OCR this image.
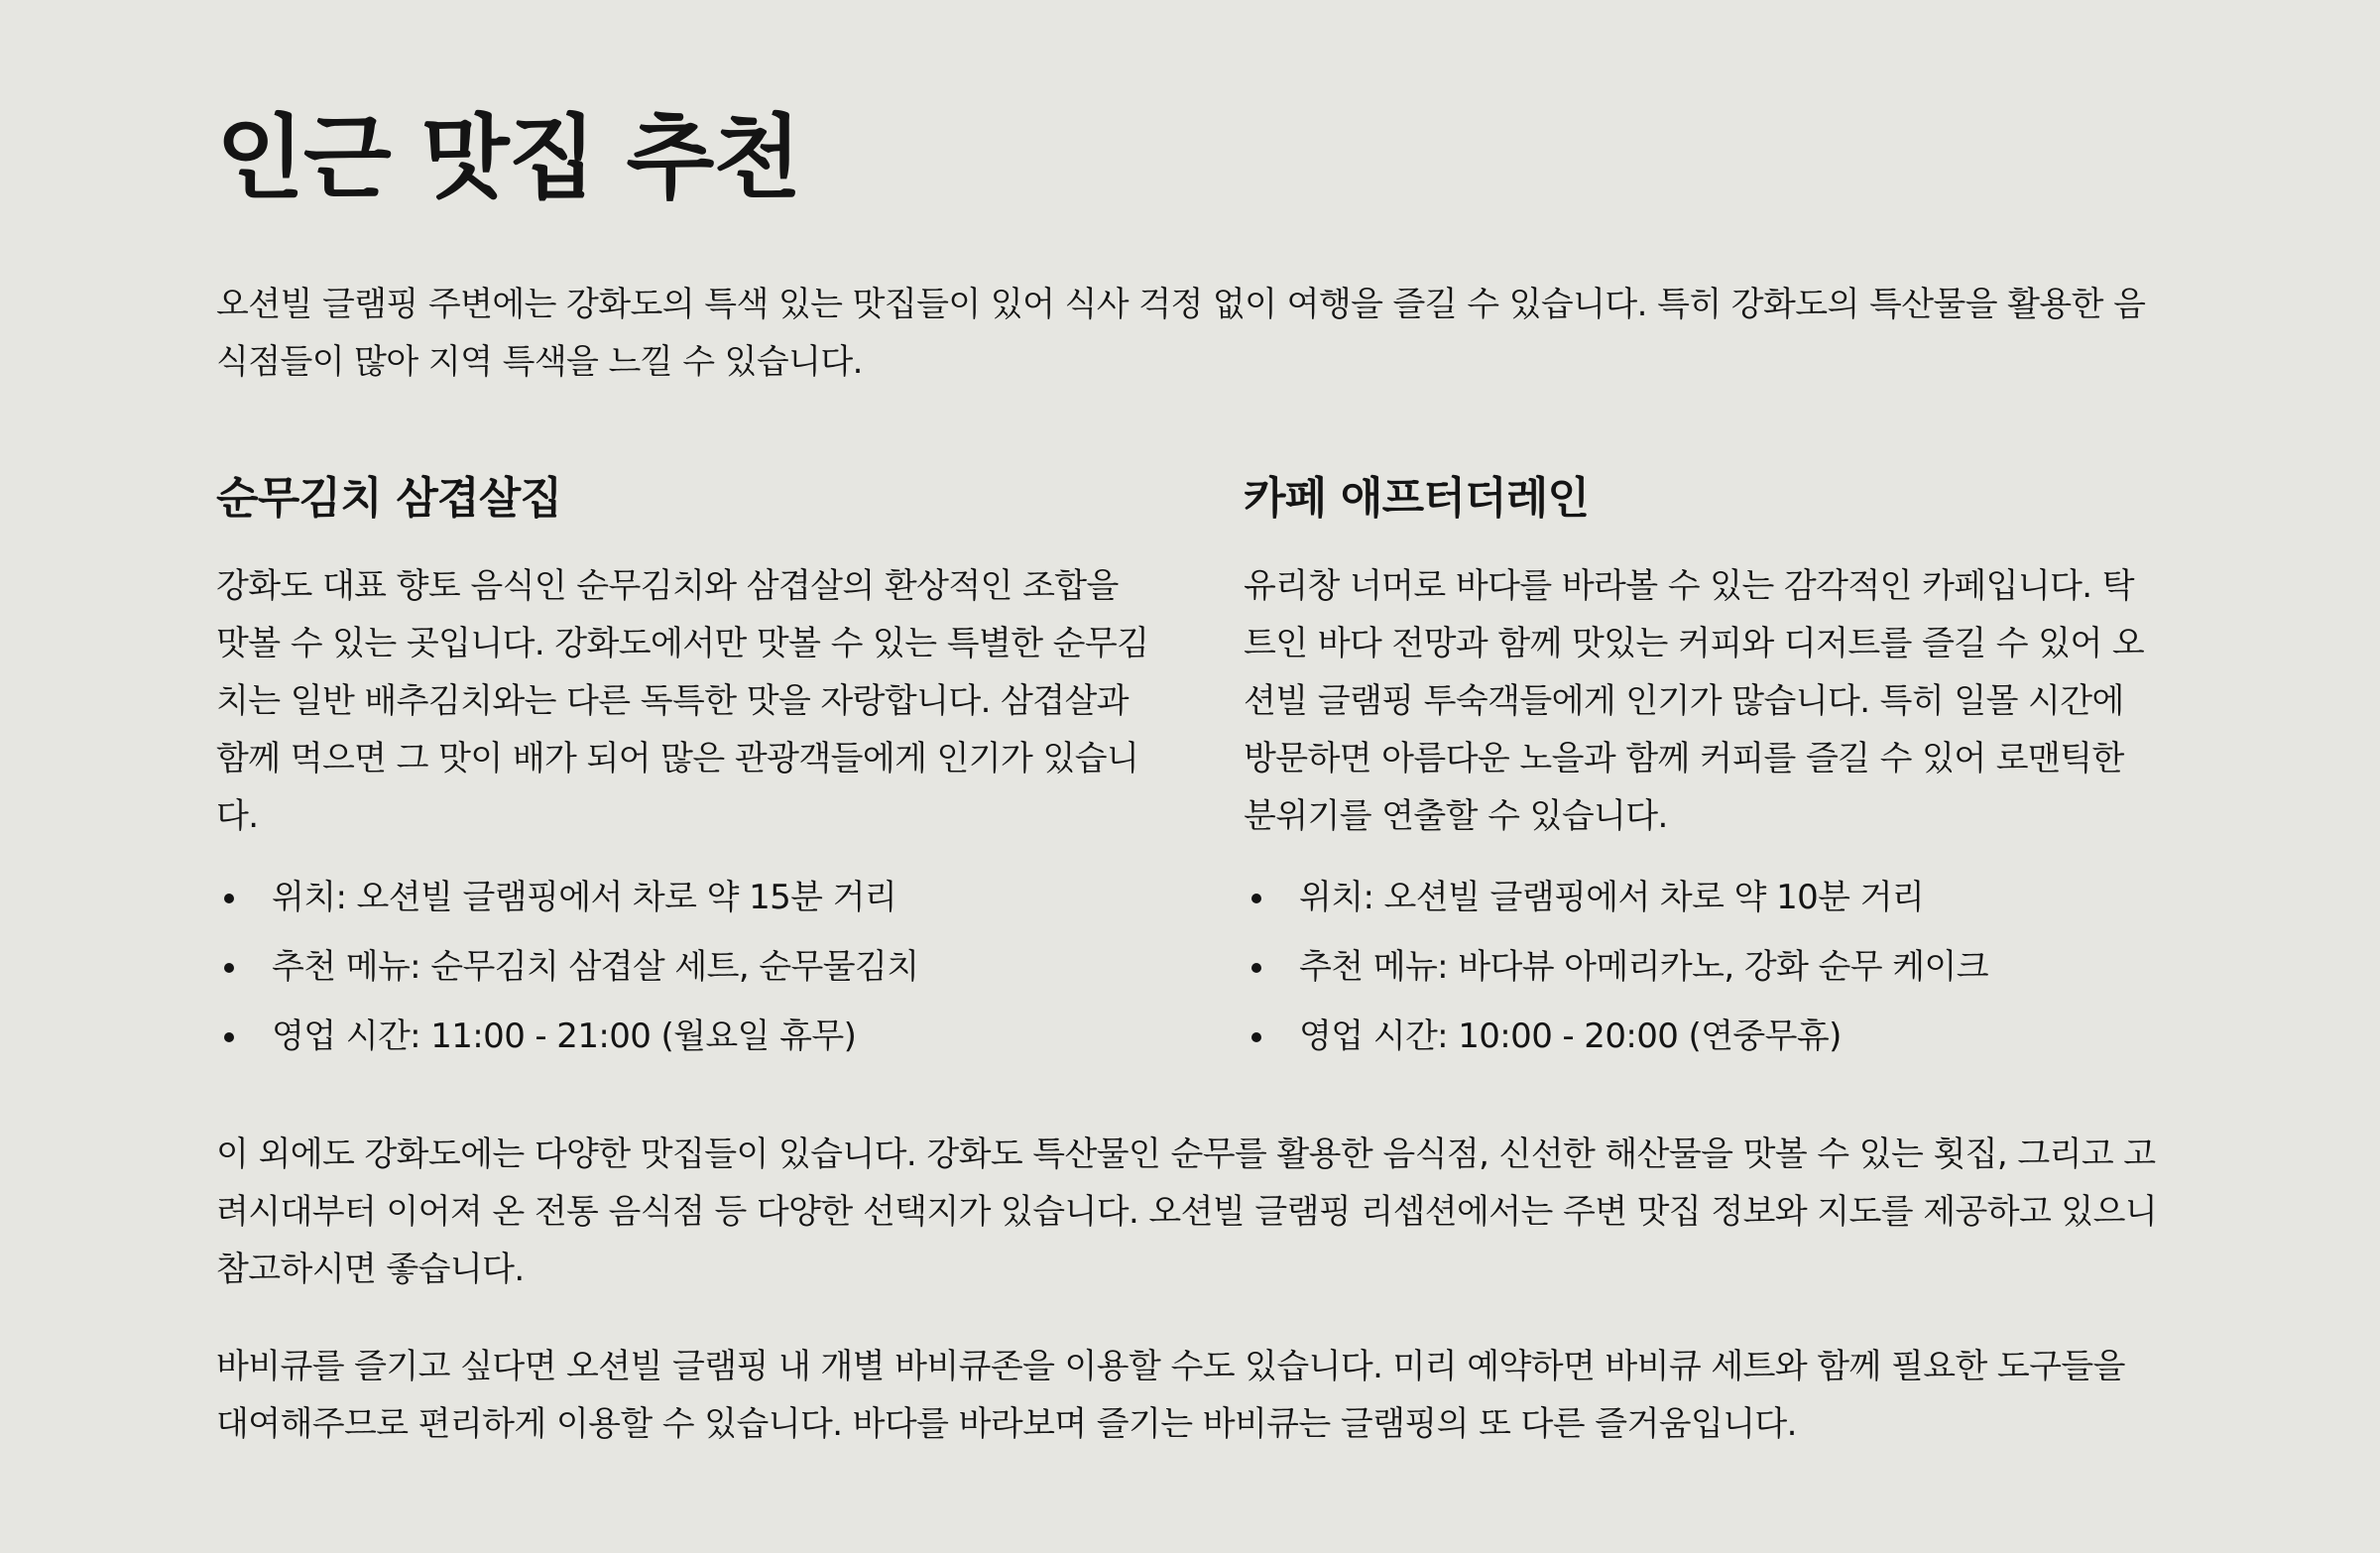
인근 맛집 추천

오션빌 글램핑 주변에는 강화도의 특색 있는 맛집들이 있어 식사 걱정 없이 여행을 즐길 수 있습니다. 특히 강화도의 특산물을 활용한 음식점들이 많아 지역 특색을 느낄 수 있습니다.

순무김치 삼겹살집

강화도 대표 향토 음식인 순무김치와 삼겹살의 환상적인 조합을 맛볼 수 있는 곳입니다. 강화도에서만 맛볼 수 있는 특별한 순무김치는 일반 배추김치와는 다른 독특한 맛을 자랑합니다. 삼겹살과 함께 먹으면 그 맛이 배가 되어 많은 관광객들에게 인기가 있습니다.

위치: 오션빌 글램핑에서 차로 약 15분 거리
추천 메뉴: 순무김치 삼겹살 세트, 순무물김치
영업 시간: 11:00 - 21:00 (월요일 휴무)
카페 애프터더레인

유리창 너머로 바다를 바라볼 수 있는 감각적인 카페입니다. 탁트인 바다 전망과 함께 맛있는 커피와 디저트를 즐길 수 있어 오션빌 글램핑 투숙객들에게 인기가 많습니다. 특히 일몰 시간에 방문하면 아름다운 노을과 함께 커피를 즐길 수 있어 로맨틱한 분위기를 연출할 수 있습니다.

위치: 오션빌 글램핑에서 차로 약 10분 거리
추천 메뉴: 바다뷰 아메리카노, 강화 순무 케이크
영업 시간: 10:00 - 20:00 (연중무휴)

이 외에도 강화도에는 다양한 맛집들이 있습니다. 강화도 특산물인 순무를 활용한 음식점, 신선한 해산물을 맛볼 수 있는 횟집, 그리고 고려시대부터 이어져 온 전통 음식점 등 다양한 선택지가 있습니다. 오션빌 글램핑 리셉션에서는 주변 맛집 정보와 지도를 제공하고 있으니 참고하시면 좋습니다.

바비큐를 즐기고 싶다면 오션빌 글램핑 내 개별 바비큐존을 이용할 수도 있습니다. 미리 예약하면 바비큐 세트와 함께 필요한 도구들을 대여해주므로 편리하게 이용할 수 있습니다. 바다를 바라보며 즐기는 바비큐는 글램핑의 또 다른 즐거움입니다.
